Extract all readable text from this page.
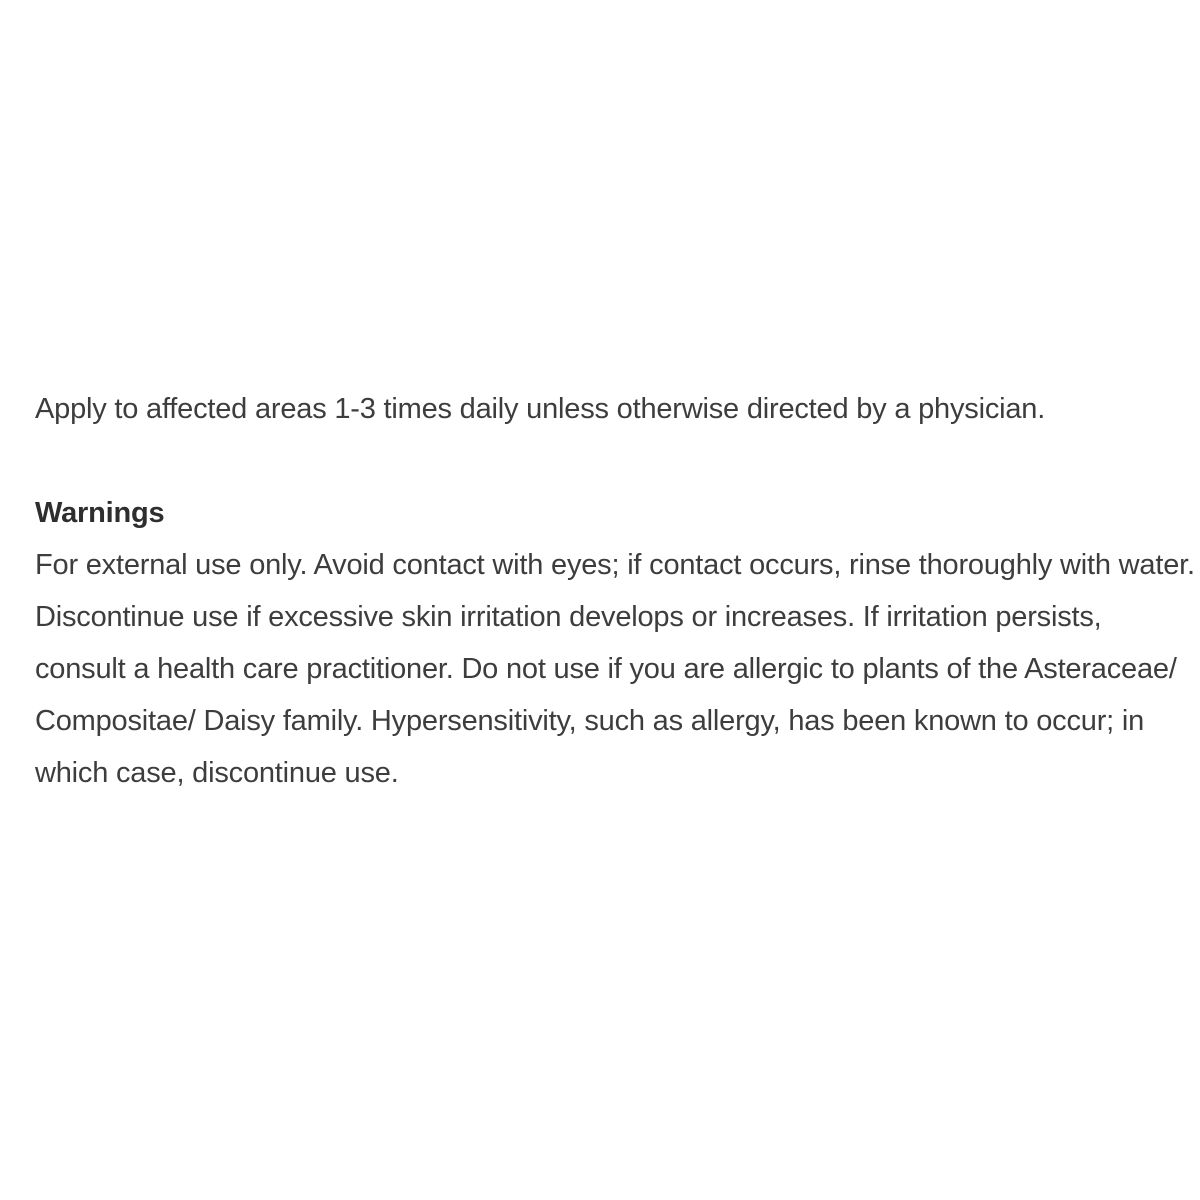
Apply to affected areas 1-3 times daily unless otherwise directed by a physician.

Warnings

For external use only. Avoid contact with eyes; if contact occurs, rinse thoroughly with water. Discontinue use if excessive skin irritation develops or increases. If irritation persists, consult a health care practitioner. Do not use if you are allergic to plants of the Asteraceae/ Compositae/ Daisy family. Hypersensitivity, such as allergy, has been known to occur; in which case, discontinue use.
